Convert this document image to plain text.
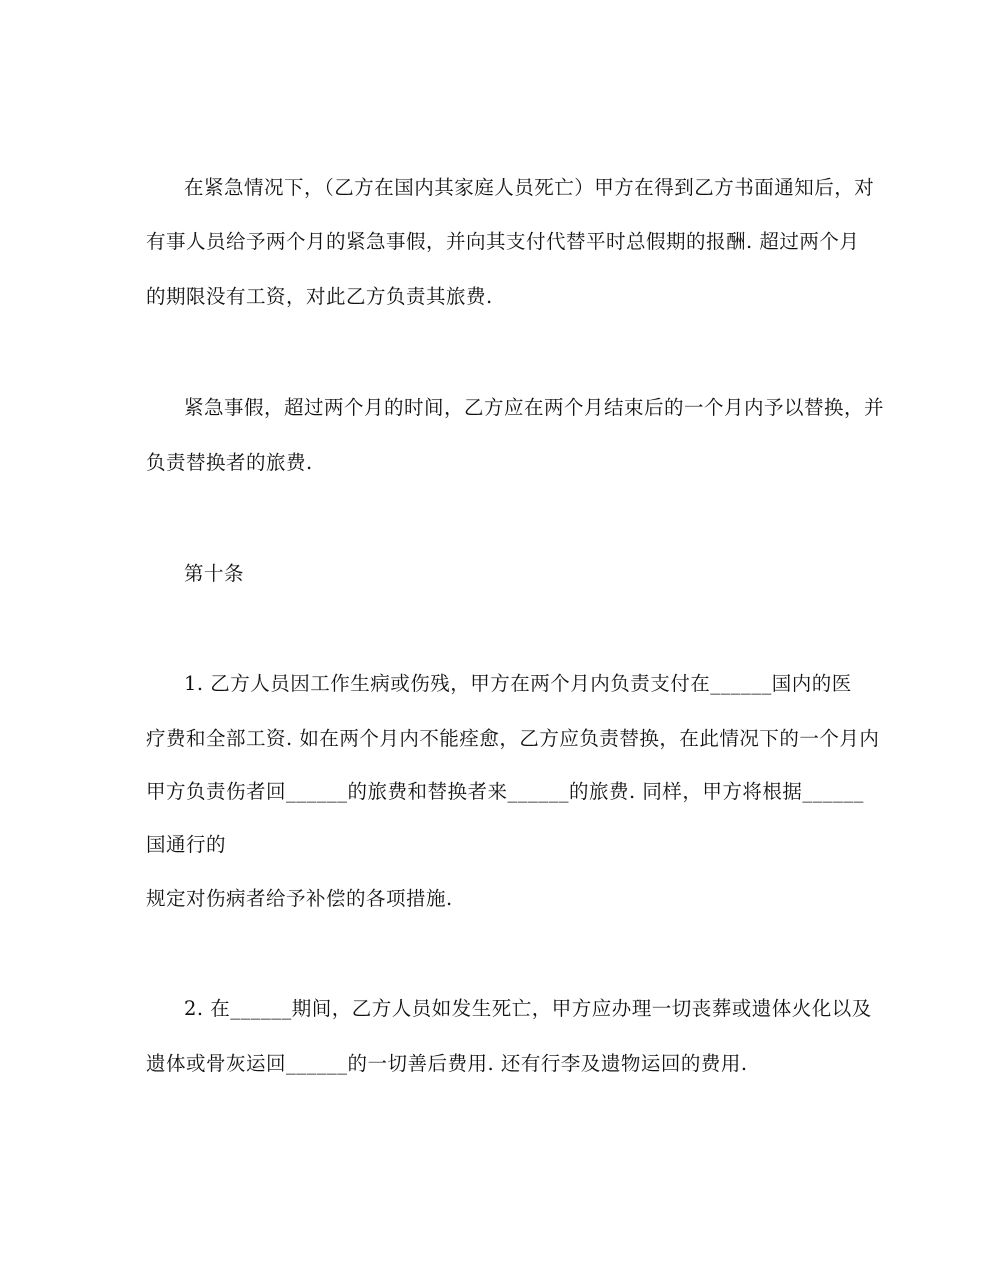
在紧急情况下，（乙方在国内其家庭人员死亡）甲方在得到乙方书面通知后，对
有事人员给予两个月的紧急事假，并向其支付代替平时总假期的报酬. 超过两个月
的期限没有工资，对此乙方负责其旅费.
紧急事假，超过两个月的时间，乙方应在两个月结束后的一个月内予以替换，并
负责替换者的旅费.
第十条
1. 乙方人员因工作生病或伤残，甲方在两个月内负责支付在______国内的医
疗费和全部工资. 如在两个月内不能痊愈，乙方应负责替换，在此情况下的一个月内
甲方负责伤者回______的旅费和替换者来______的旅费. 同样，甲方将根据______
国通行的
规定对伤病者给予补偿的各项措施.
2. 在______期间，乙方人员如发生死亡，甲方应办理一切丧葬或遗体火化以及
遗体或骨灰运回______的一切善后费用. 还有行李及遗物运回的费用.
